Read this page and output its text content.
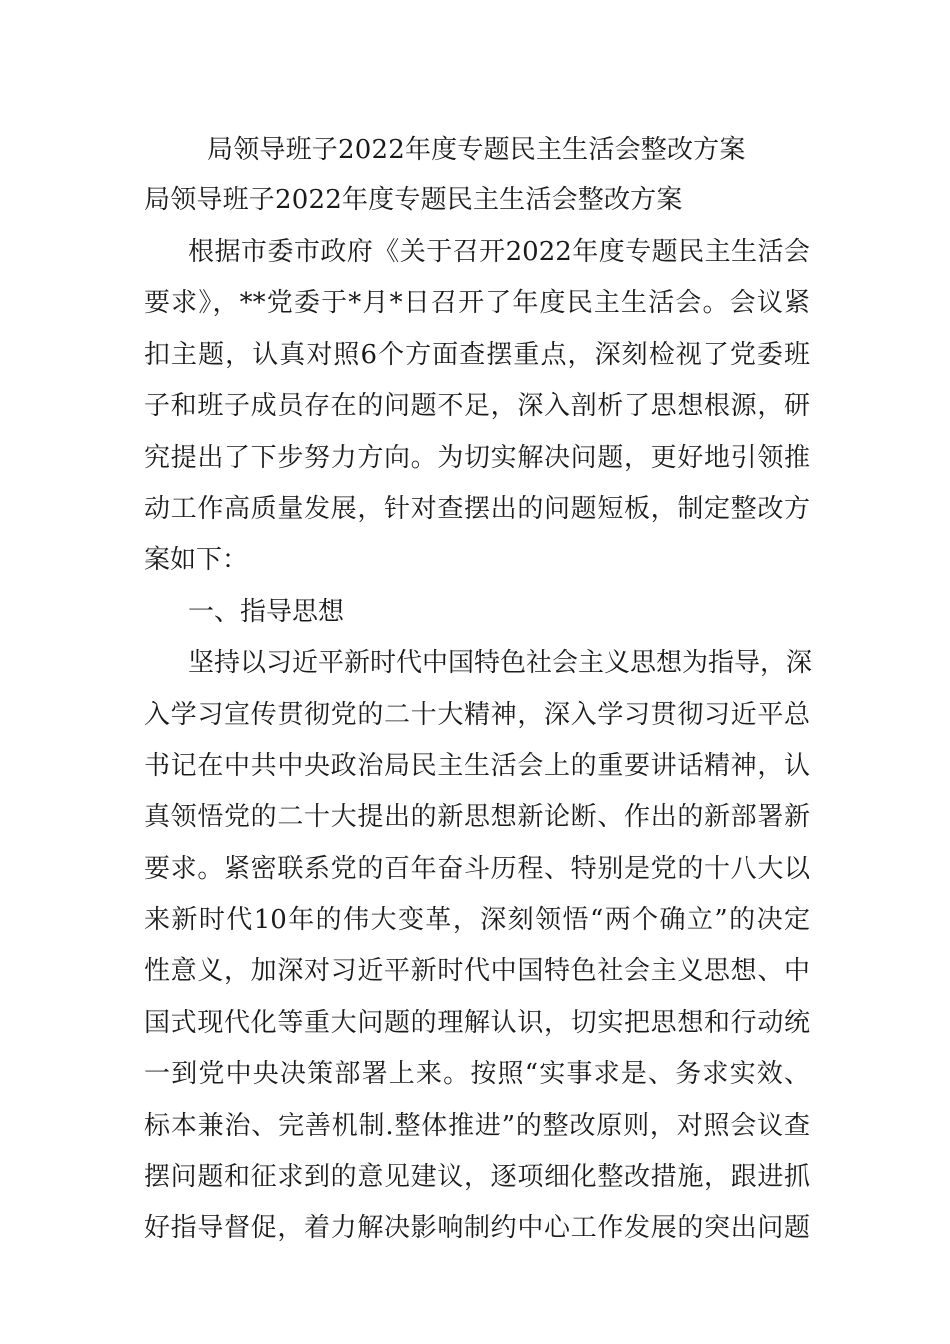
局领导班子2022年度专题民主生活会整改方案
局领导班子2022年度专题民主生活会整改方案
根据市委市政府《关于召开2022年度专题民主生活会
要求》，**党委于*月*日召开了年度民主生活会。会议紧
扣主题，认真对照6个方面查摆重点，深刻检视了党委班
子和班子成员存在的问题不足，深入剖析了思想根源，研
究提出了下步努力方向。为切实解决问题，更好地引领推
动工作高质量发展，针对查摆出的问题短板，制定整改方
案如下：
一、指导思想
坚持以习近平新时代中国特色社会主义思想为指导，深
入学习宣传贯彻党的二十大精神，深入学习贯彻习近平总
书记在中共中央政治局民主生活会上的重要讲话精神，认
真领悟党的二十大提出的新思想新论断、作出的新部署新
要求。紧密联系党的百年奋斗历程、特别是党的十八大以
来新时代10年的伟大变革，深刻领悟“两个确立”的决定
性意义，加深对习近平新时代中国特色社会主义思想、中
国式现代化等重大问题的理解认识，切实把思想和行动统
一到党中央决策部署上来。按照“实事求是、务求实效、
标本兼治、完善机制.整体推进”的整改原则，对照会议查
摆问题和征求到的意见建议，逐项细化整改措施，跟进抓
好指导督促，着力解决影响制约中心工作发展的突出问题
